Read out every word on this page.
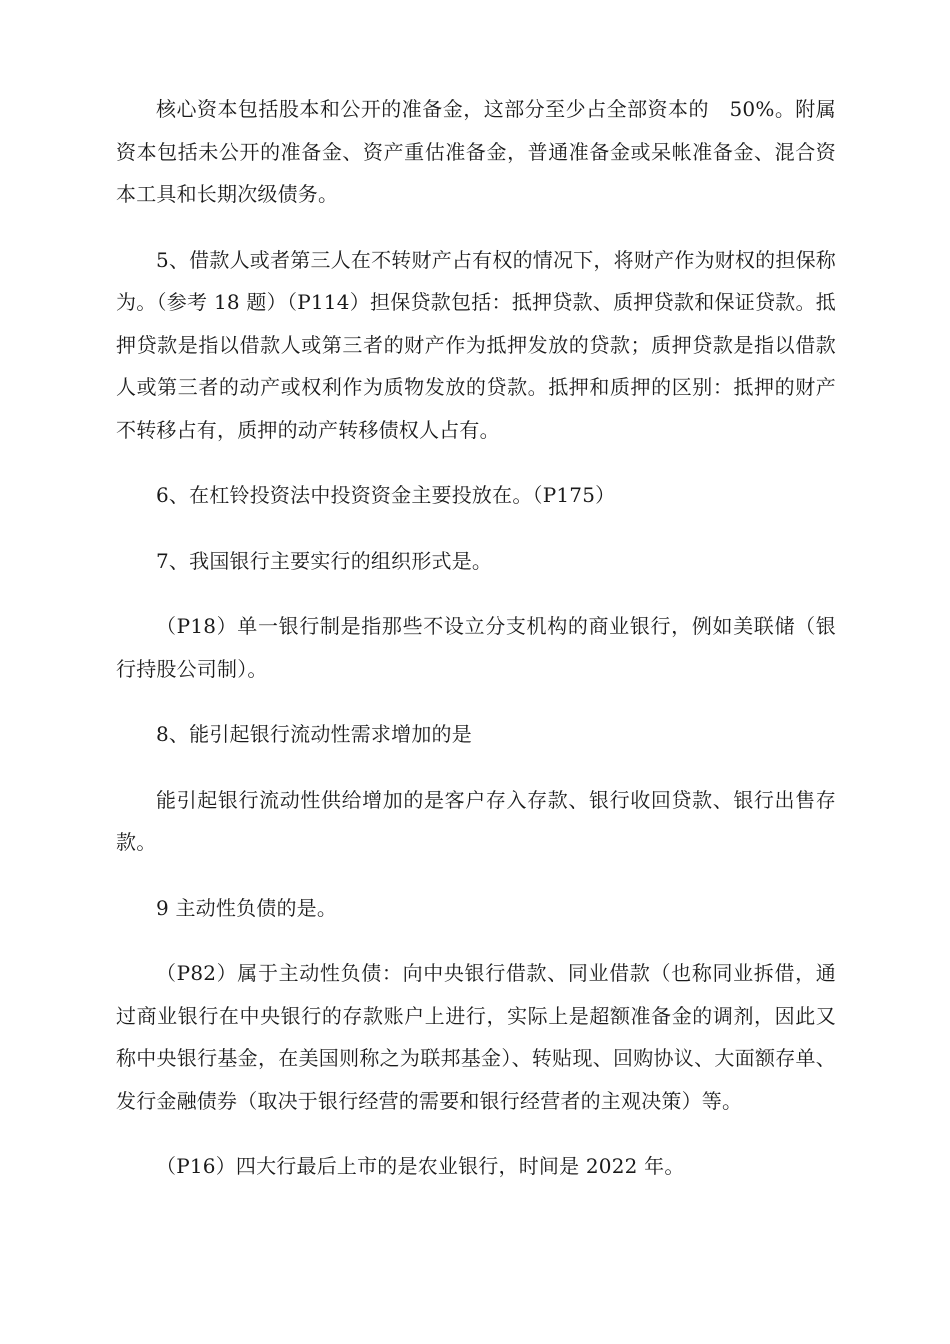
核心资本包括股本和公开的准备金，这部分至少占全部资本的　50%。附属资本包括未公开的准备金、资产重估准备金，普通准备金或呆帐准备金、混合资本工具和长期次级债务。

5、借款人或者第三人在不转财产占有权的情况下，将财产作为财权的担保称为。（参考 18 题）（P114）担保贷款包括：抵押贷款、质押贷款和保证贷款。抵押贷款是指以借款人或第三者的财产作为抵押发放的贷款；质押贷款是指以借款人或第三者的动产或权利作为质物发放的贷款。抵押和质押的区别：抵押的财产不转移占有，质押的动产转移债权人占有。

6、在杠铃投资法中投资资金主要投放在。（P175）

7、我国银行主要实行的组织形式是。

（P18）单一银行制是指那些不设立分支机构的商业银行，例如美联储（银行持股公司制）。

8、能引起银行流动性需求增加的是

能引起银行流动性供给增加的是客户存入存款、银行收回贷款、银行出售存款。

9 主动性负债的是。

（P82）属于主动性负债：向中央银行借款、同业借款（也称同业拆借，通过商业银行在中央银行的存款账户上进行，实际上是超额准备金的调剂，因此又称中央银行基金，在美国则称之为联邦基金）、转贴现、回购协议、大面额存单、发行金融债券（取决于银行经营的需要和银行经营者的主观决策）等。

（P16）四大行最后上市的是农业银行，时间是 2022 年。
